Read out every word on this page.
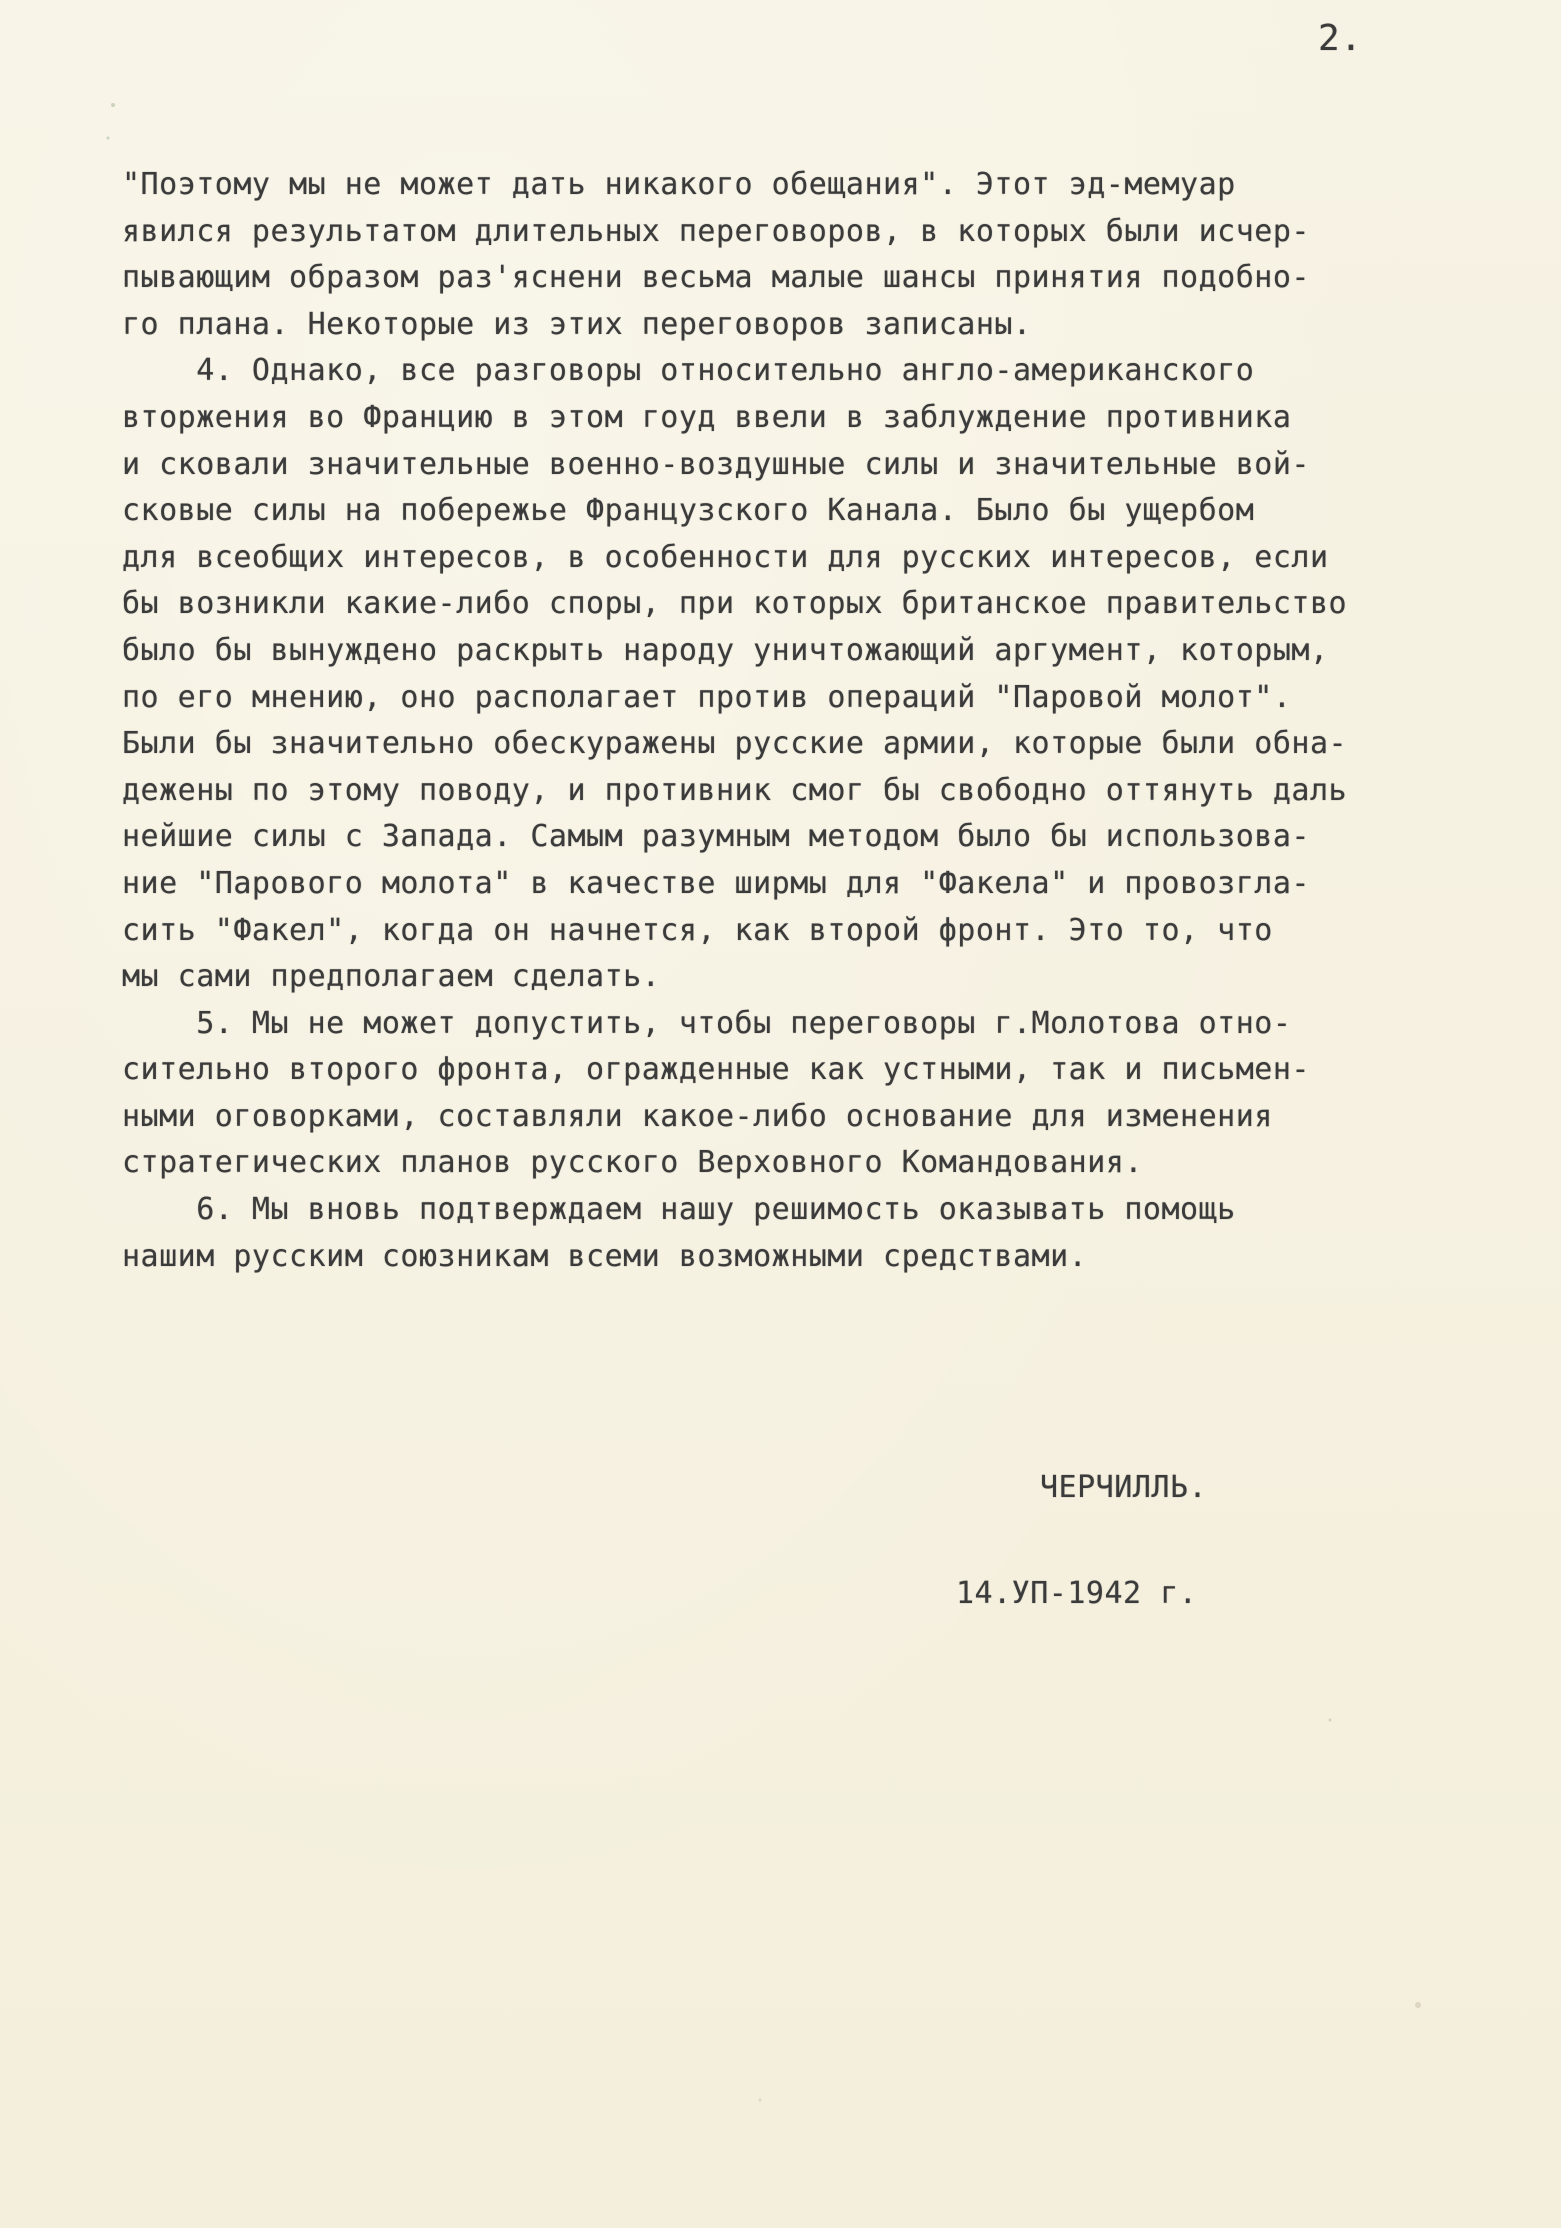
2.
"Поэтому мы не может дать никакого обещания". Этот эд-мемуар
явился результатом длительных переговоров, в которых были исчер-
пывающим образом раз'яснени весьма малые шансы принятия подобно-
го плана. Некоторые из этих переговоров записаны.
4. Однако, все разговоры относительно англо-американского
вторжения во Францию в этом гоуд ввели в заблуждение противника
и сковали значительные военно-воздушные силы и значительные вой-
сковые силы на побережье Французского Канала. Было бы ущербом
для всеобщих интересов, в особенности для русских интересов, если
бы возникли какие-либо споры, при которых британское правительство
было бы вынуждено раскрыть народу уничтожающий аргумент, которым,
по его мнению, оно располагает против операций "Паровой молот".
Были бы значительно обескуражены русские армии, которые были обна-
дежены по этому поводу, и противник смог бы свободно оттянуть даль
нейшие силы с Запада. Самым разумным методом было бы использова-
ние "Парового молота" в качестве ширмы для "Факела" и провозгла-
сить "Факел", когда он начнется, как второй фронт. Это то, что
мы сами предполагаем сделать.
5. Мы не может допустить, чтобы переговоры г.Молотова отно-
сительно второго фронта, огражденные как устными, так и письмен-
ными оговорками, составляли какое-либо основание для изменения
стратегических планов русского Верховного Командования.
6. Мы вновь подтверждаем нашу решимость оказывать помощь
нашим русским союзникам всеми возможными средствами.
ЧЕРЧИЛЛЬ.
14.УП-1942 г.
